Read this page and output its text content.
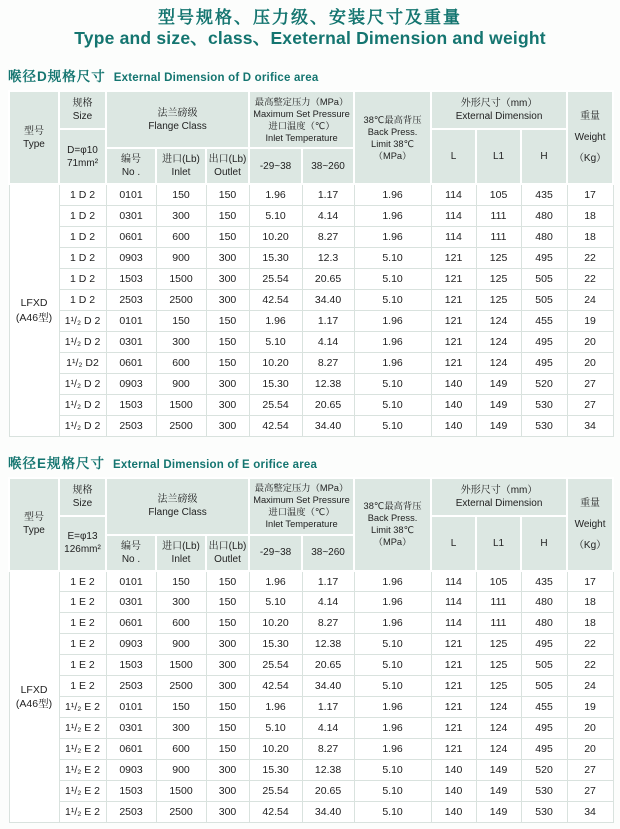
型号规格、压力级、安装尺寸及重量
Type and size、class、Exeternal Dimension and weight
喉径D规格尺寸 External Dimension of D orifice area
型号
Type	规格
Size	法兰磅级
Flange Class			最高整定压力（MPa）
Maximum Set Pressure
进口温度（℃）
Inlet Temperature		38℃最高背压
Back Press.
Limit 38℃
（MPa）	外形尺寸（mm）
External Dimension			重量
Weight
（Kg）

	D=φ10
71mm²							L	L1	H	

		编号
No .	进口(Lb)
Inlet	出口(Lb)
Outlet	-29~38	38~260					

LFXD
(A46型)	1 D 2	0101	150	150	1.96	1.17	1.96	114	105	435	17
	1 D 2	0301	300	150	5.10	4.14	1.96	114	111	480	18
	1 D 2	0601	600	150	10.20	8.27	1.96	114	111	480	18
	1 D 2	0903	900	300	15.30	12.3	5.10	121	125	495	22
	1 D 2	1503	1500	300	25.54	20.65	5.10	121	125	505	22
	1 D 2	2503	2500	300	42.54	34.40	5.10	121	125	505	24
	1¹/₂ D 2	0101	150	150	1.96	1.17	1.96	121	124	455	19
	1¹/₂ D 2	0301	300	150	5.10	4.14	1.96	121	124	495	20
	1¹/₂ D2	0601	600	150	10.20	8.27	1.96	121	124	495	20
	1¹/₂ D 2	0903	900	300	15.30	12.38	5.10	140	149	520	27
	1¹/₂ D 2	1503	1500	300	25.54	20.65	5.10	140	149	530	27
	1¹/₂ D 2	2503	2500	300	42.54	34.40	5.10	140	149	530	34
喉径E规格尺寸 External Dimension of E orifice area
型号
Type	规格
Size	法兰磅级
Flange Class			最高整定压力（MPa）
Maximum Set Pressure
进口温度（℃）
Inlet Temperature		38℃最高背压
Back Press.
Limit 38℃
（MPa）	外形尺寸（mm）
External Dimension			重量
Weight
（Kg）

	E=φ13
126mm²							L	L1	H	

		编号
No .	进口(Lb)
Inlet	出口(Lb)
Outlet	-29~38	38~260					

LFXD
(A46型)	1 E 2	0101	150	150	1.96	1.17	1.96	114	105	435	17
	1 E 2	0301	300	150	5.10	4.14	1.96	114	111	480	18
	1 E 2	0601	600	150	10.20	8.27	1.96	114	111	480	18
	1 E 2	0903	900	300	15.30	12.38	5.10	121	125	495	22
	1 E 2	1503	1500	300	25.54	20.65	5.10	121	125	505	22
	1 E 2	2503	2500	300	42.54	34.40	5.10	121	125	505	24
	1¹/₂ E 2	0101	150	150	1.96	1.17	1.96	121	124	455	19
	1¹/₂ E 2	0301	300	150	5.10	4.14	1.96	121	124	495	20
	1¹/₂ E 2	0601	600	150	10.20	8.27	1.96	121	124	495	20
	1¹/₂ E 2	0903	900	300	15.30	12.38	5.10	140	149	520	27
	1¹/₂ E 2	1503	1500	300	25.54	20.65	5.10	140	149	530	27
	1¹/₂ E 2	2503	2500	300	42.54	34.40	5.10	140	149	530	34
